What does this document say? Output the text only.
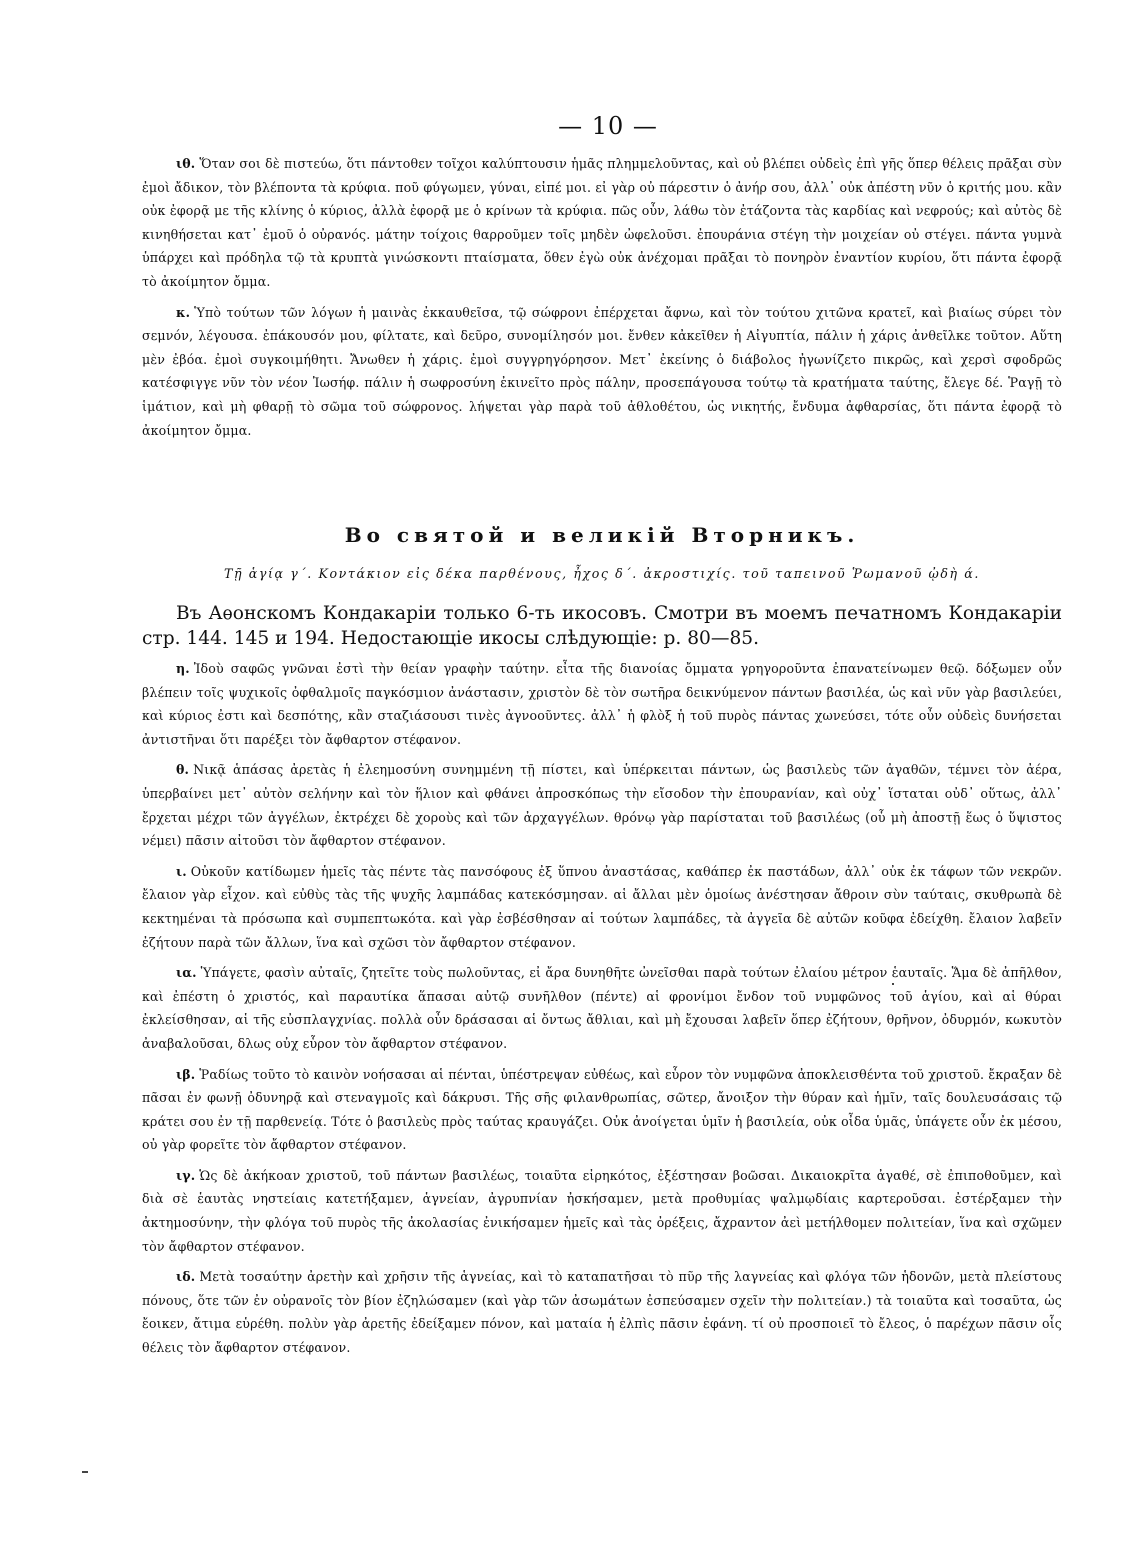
— 10 —

ιθ. Ὅταν σοι δὲ πιστεύω, ὅτι πάντοθεν τοῖχοι καλύπτουσιν ἡμᾶς πλημμελοῦντας, καὶ οὐ βλέπει οὐδεὶς ἐπὶ γῆς ὅπερ θέλεις πρᾶξαι σὺν ἐμοὶ ἄδικον, τὸν βλέποντα τὰ κρύφια. ποῦ φύγωμεν, γύναι, εἰπέ μοι. εἰ γὰρ οὐ πάρεστιν ὁ ἀνήρ σου, ἀλλ᾽ οὐκ ἀπέστη νῦν ὁ κριτής μου. κἂν οὐκ ἐφορᾷ με τῆς κλίνης ὁ κύριος, ἀλλὰ ἐφορᾷ με ὁ κρίνων τὰ κρύφια. πῶς οὖν, λάθω τὸν ἐτάζοντα τὰς καρδίας καὶ νεφρούς; καὶ αὐτὸς δὲ κινηθήσεται κατ᾽ ἐμοῦ ὁ οὐρανός. μάτην τοίχοις θαρροῦμεν τοῖς μηδὲν ὠφελοῦσι. ἐπουράνια στέγη τὴν μοιχείαν οὐ στέγει. πάντα γυμνὰ ὑπάρχει καὶ πρόδηλα τῷ τὰ κρυπτὰ γινώσκοντι πταίσματα, ὅθεν ἐγὼ οὐκ ἀνέχομαι πρᾶξαι τὸ πονηρὸν ἐναντίον κυρίου, ὅτι πάντα ἐφορᾷ τὸ ἀκοίμητον ὄμμα.

κ. Ὑπὸ τούτων τῶν λόγων ἡ μαινὰς ἐκκαυθεῖσα, τῷ σώφρονι ἐπέρχεται ἄφνω, καὶ τὸν τούτου χιτῶνα κρατεῖ, καὶ βιαίως σύρει τὸν σεμνόν, λέγουσα. ἐπάκουσόν μου, φίλτατε, καὶ δεῦρο, συνομίλησόν μοι. ἔνθεν κἀκεῖθεν ἡ Αἰγυπτία, πάλιν ἡ χάρις ἀνθεῖλκε τοῦτον. Αὕτη μὲν ἐβόα. ἐμοὶ συγκοιμήθητι. Ἄνωθεν ἡ χάρις. ἐμοὶ συγγρηγόρησον. Μετ᾽ ἐκείνης ὁ διάβολος ἠγωνίζετο πικρῶς, καὶ χερσὶ σφοδρῶς κατέσφιγγε νῦν τὸν νέον Ἰωσήφ. πάλιν ἡ σωφροσύνη ἐκινεῖτο πρὸς πάλην, προσεπάγουσα τούτῳ τὰ κρατήματα ταύτης, ἔλεγε δέ. Ῥαγῇ τὸ ἱμάτιον, καὶ μὴ φθαρῇ τὸ σῶμα τοῦ σώφρονος. λήψεται γὰρ παρὰ τοῦ ἀθλοθέτου, ὡς νικητής, ἔνδυμα ἀφθαρσίας, ὅτι πάντα ἐφορᾷ τὸ ἀκοίμητον ὄμμα.

Во святой и великій Вторникъ.
Τῇ ἁγίᾳ γ΄. Κοντάκιον εἰς δέκα παρθένους, ἦχος δ΄. ἀκροστιχίς. τοῦ ταπεινοῦ Ῥωμανοῦ ᾠδὴ ά.
Въ Аѳонскомъ Кондакаріи только 6-ть икосовъ. Смотри въ моемъ печатномъ Кондакаріи стр. 144. 145 и 194. Недостающіе икосы слѣдующіе: р. 80—85.

η. Ἰδοὺ σαφῶς γνῶναι ἐστὶ τὴν θείαν γραφὴν ταύτην. εἶτα τῆς διανοίας ὄμματα γρηγοροῦντα ἐπανατείνωμεν θεῷ. δόξωμεν οὖν βλέπειν τοῖς ψυχικοῖς ὀφθαλμοῖς παγκόσμιον ἀνάστασιν, χριστὸν δὲ τὸν σωτῆρα δεικνύμενον πάντων βασιλέα, ὡς καὶ νῦν γὰρ βασιλεύει, καὶ κύριος ἐστι καὶ δεσπότης, κἂν σταζιάσουσι τινὲς ἀγνοοῦντες. ἀλλ᾽ ἡ φλὸξ ἡ τοῦ πυρὸς πάντας χωνεύσει, τότε οὖν οὐδεὶς δυνήσεται ἀντιστῆναι ὅτι παρέξει τὸν ἄφθαρτον στέφανον.

θ. Νικᾷ ἁπάσας ἀρετὰς ἡ ἐλεημοσύνη συνημμένη τῇ πίστει, καὶ ὑπέρκειται πάντων, ὡς βασιλεὺς τῶν ἀγαθῶν, τέμνει τὸν ἀέρα, ὑπερβαίνει μετ᾽ αὐτὸν σελήνην καὶ τὸν ἥλιον καὶ φθάνει ἀπροσκόπως τὴν εἴσοδον τὴν ἐπουρανίαν, καὶ οὐχ᾽ ἵσταται οὐδ᾽ οὕτως, ἀλλ᾽ ἔρχεται μέχρι τῶν ἀγγέλων, ἐκτρέχει δὲ χοροὺς καὶ τῶν ἀρχαγγέλων. θρόνῳ γὰρ παρίσταται τοῦ βασιλέως (οὗ μὴ ἀποστῇ ἕως ὁ ὕψιστος νέμει) πᾶσιν αἰτοῦσι τὸν ἄφθαρτον στέφανον.

ι. Οὐκοῦν κατίδωμεν ἡμεῖς τὰς πέντε τὰς πανσόφους ἐξ ὕπνου ἀναστάσας, καθάπερ ἐκ παστάδων, ἀλλ᾽ οὐκ ἐκ τάφων τῶν νεκρῶν. ἔλαιον γὰρ εἶχον. καὶ εὐθὺς τὰς τῆς ψυχῆς λαμπάδας κατεκόσμησαν. αἱ ἄλλαι μὲν ὁμοίως ἀνέστησαν ἄθροιν σὺν ταύταις, σκυθρωπὰ δὲ κεκτημέναι τὰ πρόσωπα καὶ συμπεπτωκότα. καὶ γὰρ ἐσβέσθησαν αἱ τούτων λαμπάδες, τὰ ἀγγεῖα δὲ αὐτῶν κοῦφα ἐδείχθη. ἔλαιον λαβεῖν ἐζήτουν παρὰ τῶν ἄλλων, ἵνα καὶ σχῶσι τὸν ἄφθαρτον στέφανον.

ια. Ὑπάγετε, φασὶν αὐταῖς, ζητεῖτε τοὺς πωλοῦντας, εἰ ἄρα δυνηθῆτε ὠνεῖσθαι παρὰ τούτων ἐλαίου μέτρον ἑαυταῖς. Ἅμα δὲ ἀπῆλθον, καὶ ἐπέστη ὁ χριστός, καὶ παραυτίκα ἅπασαι αὐτῷ συνῆλθον (πέντε) αἱ φρονίμοι ἔνδον τοῦ νυμφῶνος τοῦ ἁγίου, καὶ αἱ θύραι ἐκλείσθησαν, αἱ τῆς εὐσπλαγχνίας. πολλὰ οὖν δράσασαι αἱ ὄντως ἄθλιαι, καὶ μὴ ἔχουσαι λαβεῖν ὅπερ ἐζήτουν, θρῆνον, ὀδυρμόν, κωκυτὸν ἀναβαλοῦσαι, δλως οὐχ εὗρον τὸν ἄφθαρτον στέφανον.

ιβ. Ῥαδίως τοῦτο τὸ καινὸν νοήσασαι αἱ πένται, ὑπέστρεψαν εὐθέως, καὶ εὗρον τὸν νυμφῶνα ἀποκλεισθέντα τοῦ χριστοῦ. ἔκραξαν δὲ πᾶσαι ἐν φωνῇ ὀδυνηρᾷ καὶ στεναγμοῖς καὶ δάκρυσι. Τῆς σῆς φιλανθρωπίας, σῶτερ, ἄνοιξον τὴν θύραν καὶ ἡμῖν, ταῖς δουλευσάσαις τῷ κράτει σου ἐν τῇ παρθενείᾳ. Τότε ὁ βασιλεὺς πρὸς ταύτας κραυγάζει. Οὐκ ἀνοίγεται ὑμῖν ἡ βασιλεία, οὐκ οἶδα ὑμᾶς, ὑπάγετε οὖν ἐκ μέσου, οὐ γὰρ φορεῖτε τὸν ἄφθαρτον στέφανον.

ιγ. Ὡς δὲ ἀκήκοαν χριστοῦ, τοῦ πάντων βασιλέως, τοιαῦτα εἰρηκότος, ἐξέστησαν βοῶσαι. Δικαιοκρῖτα ἀγαθέ, σὲ ἐπιποθοῦμεν, καὶ διὰ σὲ ἑαυτὰς νηστείαις κατετήξαμεν, ἁγνείαν, ἀγρυπνίαν ἠσκήσαμεν, μετὰ προθυμίας ψαλμῳδίαις καρτεροῦσαι. ἐστέρξαμεν τὴν ἀκτημοσύνην, τὴν φλόγα τοῦ πυρὸς τῆς ἀκολασίας ἐνικήσαμεν ἡμεῖς καὶ τὰς ὀρέξεις, ἄχραντον ἀεὶ μετήλθομεν πολιτείαν, ἵνα καὶ σχῶμεν τὸν ἄφθαρτον στέφανον.

ιδ. Μετὰ τοσαύτην ἀρετὴν καὶ χρῆσιν τῆς ἁγνείας, καὶ τὸ καταπατῆσαι τὸ πῦρ τῆς λαγνείας καὶ φλόγα τῶν ἡδονῶν, μετὰ πλείστους πόνους, ὅτε τῶν ἐν οὐρανοῖς τὸν βίον ἐζηλώσαμεν (καὶ γὰρ τῶν ἀσωμάτων ἐσπεύσαμεν σχεῖν τὴν πολιτείαν.) τὰ τοιαῦτα καὶ τοσαῦτα, ὡς ἔοικεν, ἄτιμα εὑρέθη. πολὺν γὰρ ἀρετῆς ἐδείξαμεν πόνον, καὶ ματαία ἡ ἐλπὶς πᾶσιν ἐφάνη. τί οὐ προσποιεῖ τὸ ἔλεος, ὁ παρέχων πᾶσιν οἷς θέλεις τὸν ἄφθαρτον στέφανον.
